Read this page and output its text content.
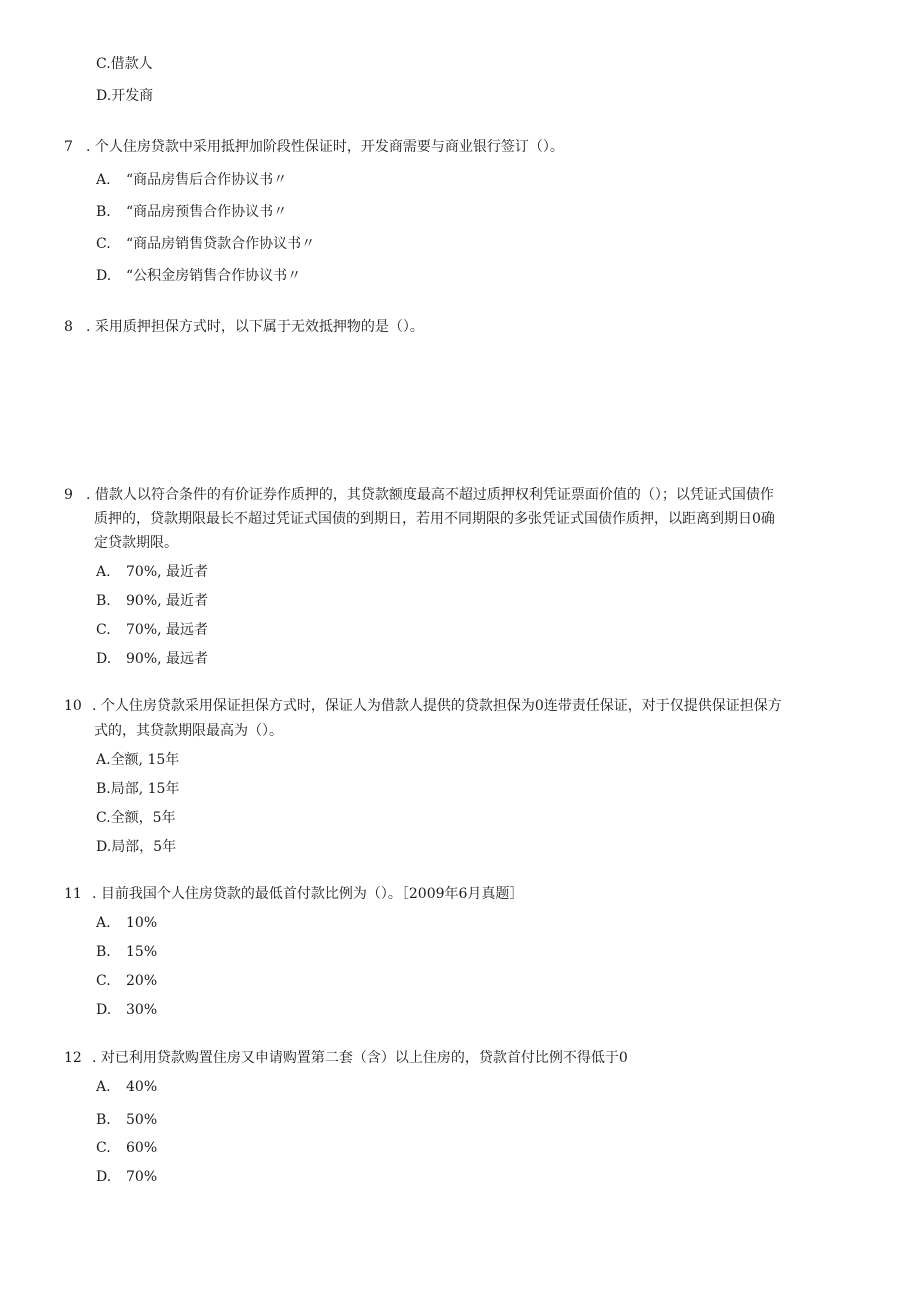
C.借款人
D.开发商
7 . 个人住房贷款中采用抵押加阶段性保证时，开发商需要与商业银行签订（）。
A. “商品房售后合作协议书〃
B. “商品房预售合作协议书〃
C. “商品房销售贷款合作协议书〃
D. “公积金房销售合作协议书〃
8 . 采用质押担保方式时，以下属于无效抵押物的是（）。
9 . 借款人以符合条件的有价证券作质押的，其贷款额度最高不超过质押权利凭证票面价值的（）；以凭证式国债作
质押的，贷款期限最长不超过凭证式国债的到期日，若用不同期限的多张凭证式国债作质押，以距离到期日0确
定贷款期限。
A. 70%, 最近者
B. 90%, 最近者
C. 70%, 最远者
D. 90%, 最远者
10 . 个人住房贷款采用保证担保方式时，保证人为借款人提供的贷款担保为0连带责任保证，对于仅提供保证担保方
式的，其贷款期限最高为（）。
A.全额, 15年
B.局部, 15年
C.全额，5年
D.局部，5年
11 . 目前我国个人住房贷款的最低首付款比例为（）。［2009年6月真题］
A. 10%
B. 15%
C. 20%
D. 30%
12 . 对已利用贷款购置住房又申请购置第二套（含）以上住房的，贷款首付比例不得低于0
A. 40%
B. 50%
C. 60%
D. 70%
